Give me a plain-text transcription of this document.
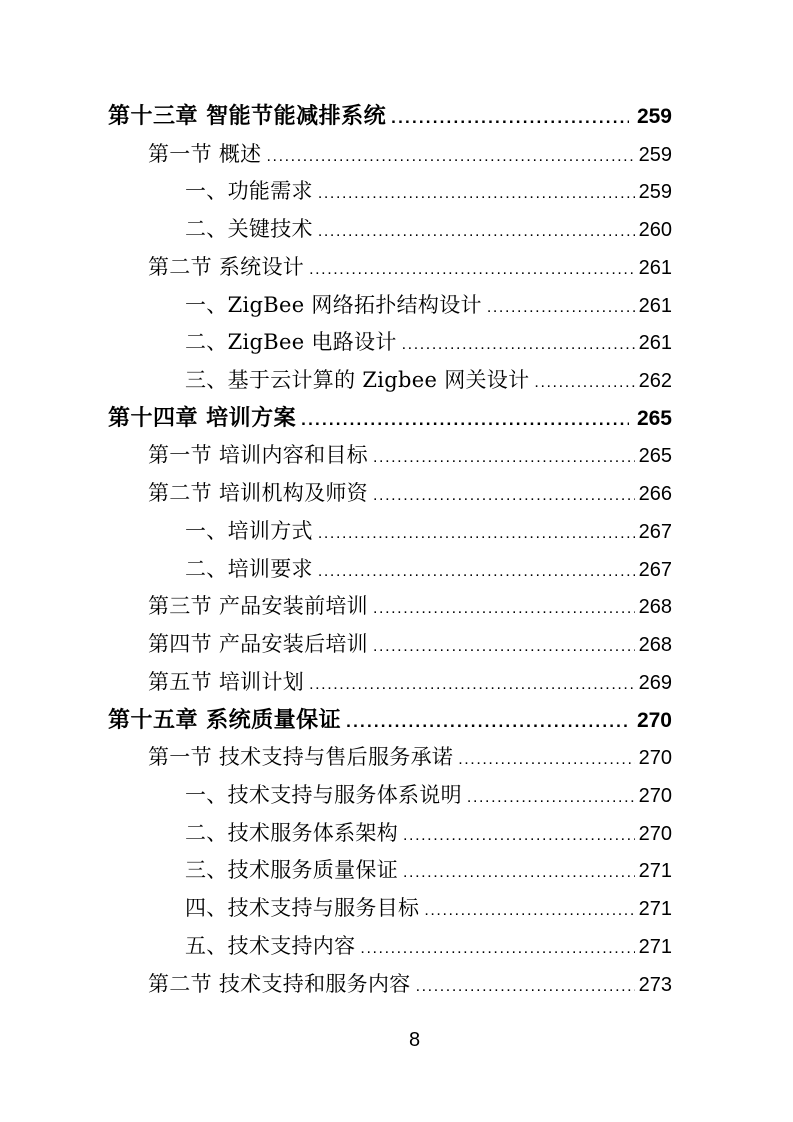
第十三章 智能节能减排系统 .....	259
第一节 概述 .....	259
一、功能需求 .....	259
二、关键技术 .....	260
第二节 系统设计 .....	261
一、ZigBee 网络拓扑结构设计 .....	261
二、ZigBee 电路设计 .....	261
三、基于云计算的 Zigbee 网关设计 .....	262
第十四章 培训方案 .....	265
第一节 培训内容和目标 .....	265
第二节 培训机构及师资 .....	266
一、培训方式 .....	267
二、培训要求 .....	267
第三节 产品安装前培训 .....	268
第四节 产品安装后培训 .....	268
第五节 培训计划 .....	269
第十五章 系统质量保证 .....	270
第一节 技术支持与售后服务承诺 .....	270
一、技术支持与服务体系说明 .....	270
二、技术服务体系架构 .....	270
三、技术服务质量保证 .....	271
四、技术支持与服务目标 .....	271
五、技术支持内容 .....	271
第二节 技术支持和服务内容 .....	273
8
